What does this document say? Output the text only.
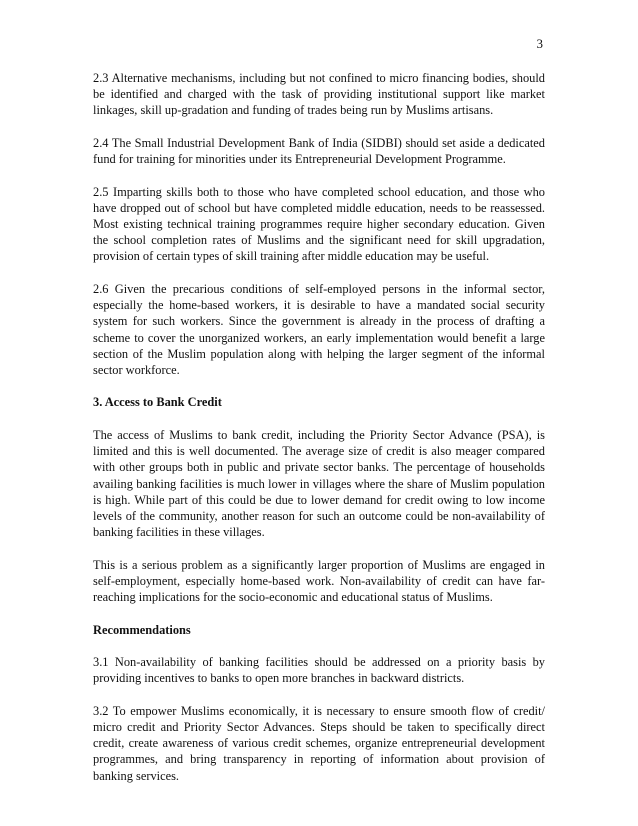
3

2.3 Alternative mechanisms, including but not confined to micro financing bodies, should be identified and charged with the task of providing institutional support like market linkages, skill up-gradation and funding of trades being run by Muslims artisans.

2.4 The Small Industrial Development Bank of India (SIDBI) should set aside a dedicated fund for training for minorities under its Entrepreneurial Development Programme.

2.5 Imparting skills both to those who have completed school education, and those who have dropped out of school but have completed middle education, needs to be reassessed. Most existing technical training programmes require higher secondary education. Given the school completion rates of Muslims and the significant need for skill upgradation, provision of certain types of skill training after middle education may be useful.

2.6 Given the precarious conditions of self-employed persons in the informal sector, especially the home-based workers, it is desirable to have a mandated social security system for such workers. Since the government is already in the process of drafting a scheme to cover the unorganized workers, an early implementation would benefit a large section of the Muslim population along with helping the larger segment of the informal sector workforce.

3. Access to Bank Credit

The access of Muslims to bank credit, including the Priority Sector Advance (PSA), is limited and this is well documented. The average size of credit is also meager compared with other groups both in public and private sector banks. The percentage of households availing banking facilities is much lower in villages where the share of Muslim population is high. While part of this could be due to lower demand for credit owing to low income levels of the community, another reason for such an outcome could be non-availability of banking facilities in these villages.

This is a serious problem as a significantly larger proportion of Muslims are engaged in self-employment, especially home-based work. Non-availability of credit can have far-reaching implications for the socio-economic and educational status of Muslims.

Recommendations

3.1 Non-availability of banking facilities should be addressed on a priority basis by providing incentives to banks to open more branches in backward districts.

3.2 To empower Muslims economically, it is necessary to ensure smooth flow of credit/ micro credit and Priority Sector Advances. Steps should be taken to specifically direct credit, create awareness of various credit schemes, organize entrepreneurial development programmes, and bring transparency in reporting of information about provision of banking services.
